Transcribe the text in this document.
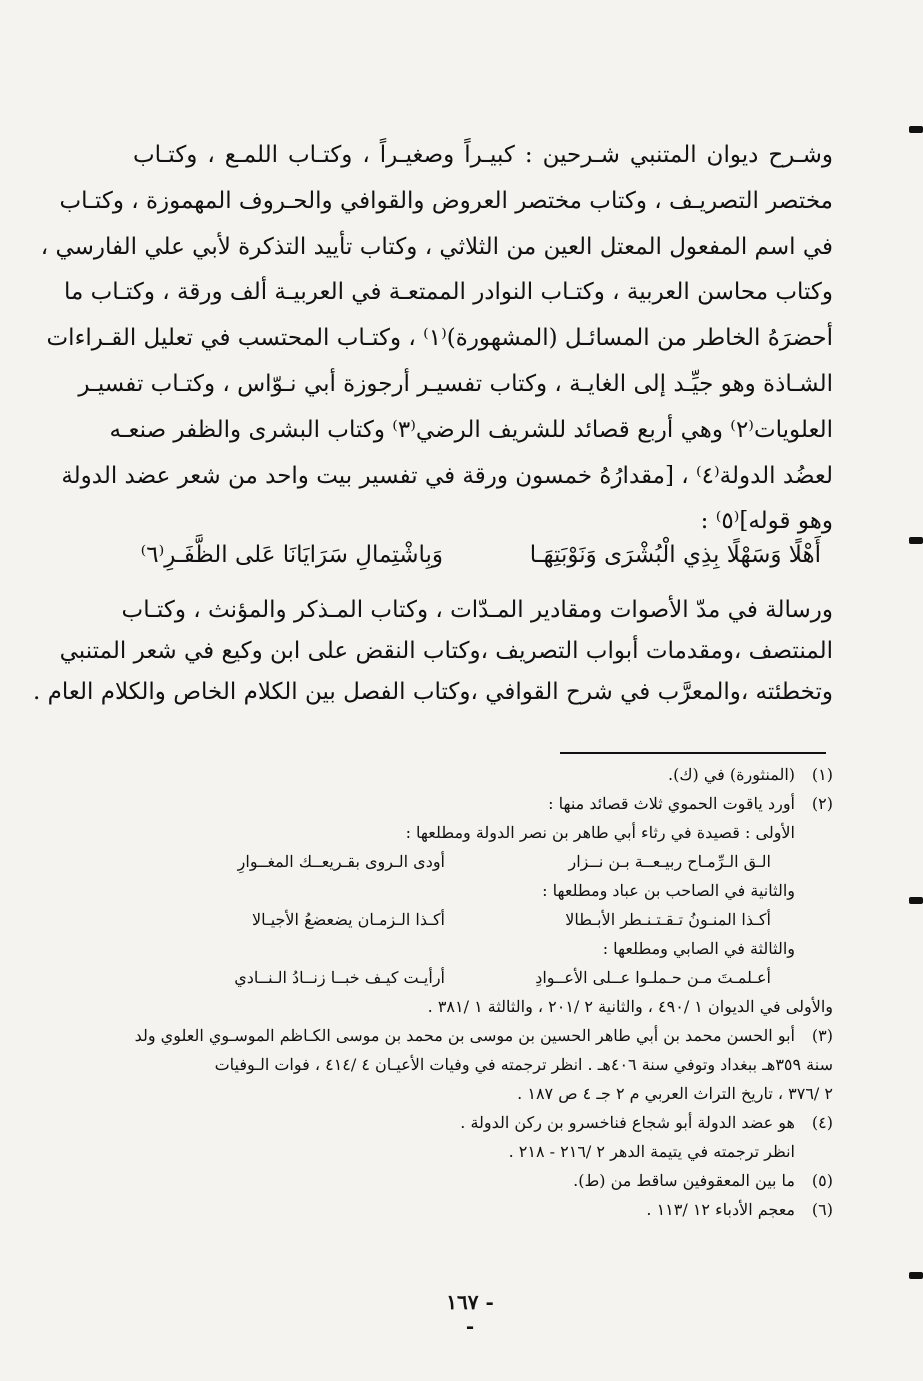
وشـرح ديوان المتنبي شـرحين : كبيـراً وصغيـراً ، وكتـاب اللمـع ، وكتـاب
مختصر التصريـف ، وكتاب مختصر العروض والقوافي والحـروف المهموزة ، وكتـاب
في اسم المفعول المعتل العين من الثلاثي ، وكتاب تأييد التذكرة لأبي علي الفارسي ،
وكتاب محاسن العربية ، وكتـاب النوادر الممتعـة في العربيـة ألف ورقة ، وكتـاب ما
أحضرَهُ الخاطر من المسائـل (المشهورة)⁽١⁾ ، وكتـاب المحتسب في تعليل القـراءات
الشـاذة وهو جيِّـد إلى الغايـة ، وكتاب تفسيـر أرجوزة أبي نـوّاس ، وكتـاب تفسيـر
العلويات⁽٢⁾ وهي أربع قصائد للشريف الرضي⁽٣⁾ وكتاب البشرى والظفر صنعـه
لعضُد الدولة⁽٤⁾ ، [مقدارُهُ خمسون ورقة في تفسير بيت واحد من شعر عضد الدولة
وهو قوله]⁽٥⁾ :
أَهْلًا وَسَهْلًا بِذِي الْبُشْرَى وَنَوْبَتِهَـا
وَبِاشْتِمالِ سَرَايَانَا عَلى الظَّفَـرِ⁽٦⁾
ورسالة في مدّ الأصوات ومقادير المـدّات ، وكتاب المـذكر والمؤنث ، وكتـاب
المنتصف ،ومقدمات أبواب التصريف ،وكتاب النقض على ابن وكيع في شعر المتنبي
وتخطئته ،والمعرَّب في شرح القوافي ،وكتاب الفصل بين الكلام الخاص والكلام العام .
(١)
(المنثورة) في (ك).
(٢)
أورد ياقوت الحموي ثلاث قصائد منها :
الأولى : قصيدة في رثاء أبي طاهر بن نصر الدولة ومطلعها :
الـق الـرِّمـاح ربيـعــة بـن نــزار
أودى الـروى بقـريعــك المغــوارِ
والثانية في الصاحب بن عباد ومطلعها :
أكـذا المنـونُ تـقـتـنـطر الأبـطالا
أكـذا الـزمـان يضعضعُ الأجيـالا
والثالثة في الصابي ومطلعها :
أعـلمـتَ مـن حـملـوا عــلى الأعــوادِ
أرأيـت كيـف خبــا زنــادُ الـنــادي
والأولى في الديوان ١ /٤٩٠ ، والثانية ٢ /٢٠١ ، والثالثة ١ /٣٨١ .
(٣)
أبو الحسن محمد بن أبي طاهر الحسين بن موسى بن محمد بن موسى الكـاظم الموسـوي العلوي ولد
سنة ٣٥٩هـ ببغداد وتوفي سنة ٤٠٦هـ . انظر ترجمته في وفيات الأعيـان ٤ /٤١٤ ، فوات الـوفيات
٢ /٣٧٦ ، تاريخ التراث العربي م ٢ جـ ٤ ص ١٨٧ .
(٤)
هو عضد الدولة أبو شجاع فناخسرو بن ركن الدولة .
انظر ترجمته في يتيمة الدهر ٢ /٢١٦ - ٢١٨ .
(٥)
ما بين المعقوفين ساقط من (ط).
(٦)
معجم الأدباء ١٢ /١١٣ .
- ١٦٧ -
